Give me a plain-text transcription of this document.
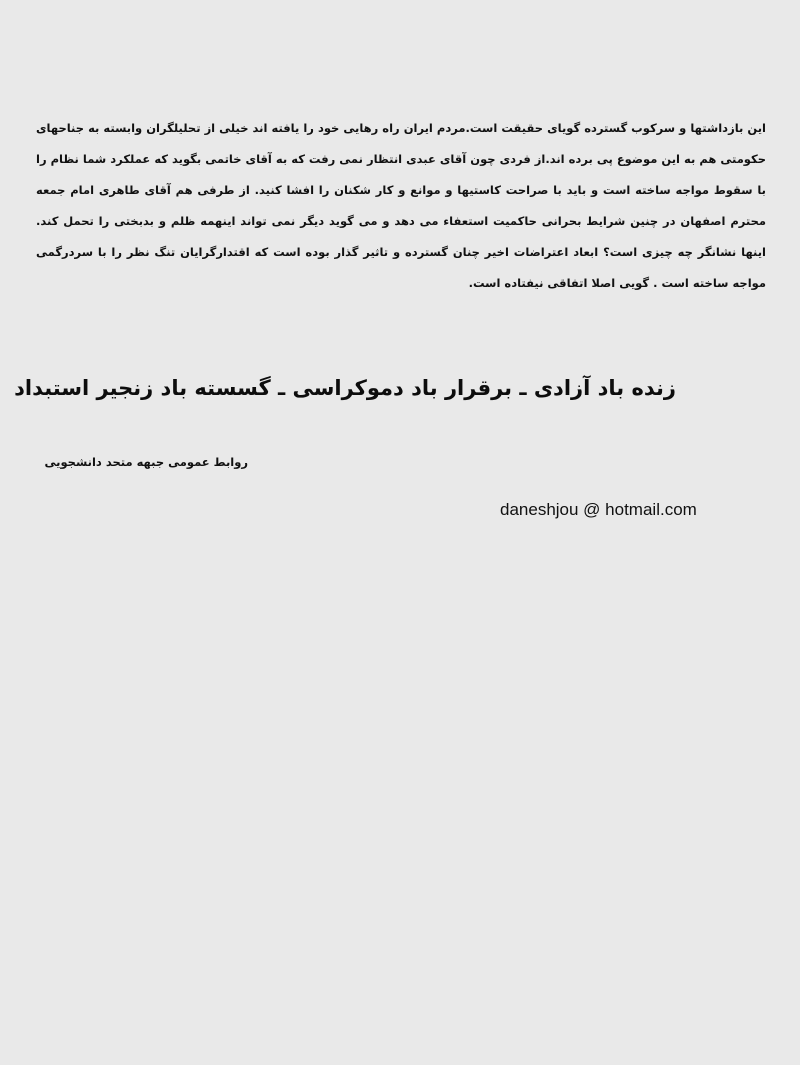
این بازداشتها و سرکوب گسترده گویای حقیقت است.مردم ایران راه رهایی خود را یافته اند خیلی از تحلیلگران وابسته به جناحهای حکومتی هم به این موضوع پی برده اند.از فردی چون آقای عبدی انتظار نمی رفت که به آقای خاتمی بگوید که عملکرد شما نظام را با سقوط مواجه ساخته است و باید با صراحت کاستیها و موانع و کار شکنان را افشا کنید. از طرفی هم آقای طاهری امام جمعه محترم اصفهان در چنین شرایط بحرانی حاکمیت استعفاء می دهد و می گوید دیگر نمی تواند اینهمه ظلم و بدبختی را تحمل کند. اینها نشانگر چه چیزی است؟ ابعاد اعتراضات اخیر چنان گسترده و تاثیر گذار بوده است که اقتدارگرایان تنگ نظر را با سردرگمی مواجه ساخته است . گویی اصلا اتفاقی نیفتاده است.

زنده باد آزادی ـ برقرار باد دموکراسی ـ گسسته باد زنجیر استبداد

روابط عمومی جبهه متحد دانشجویی

daneshjou @ hotmail.com
